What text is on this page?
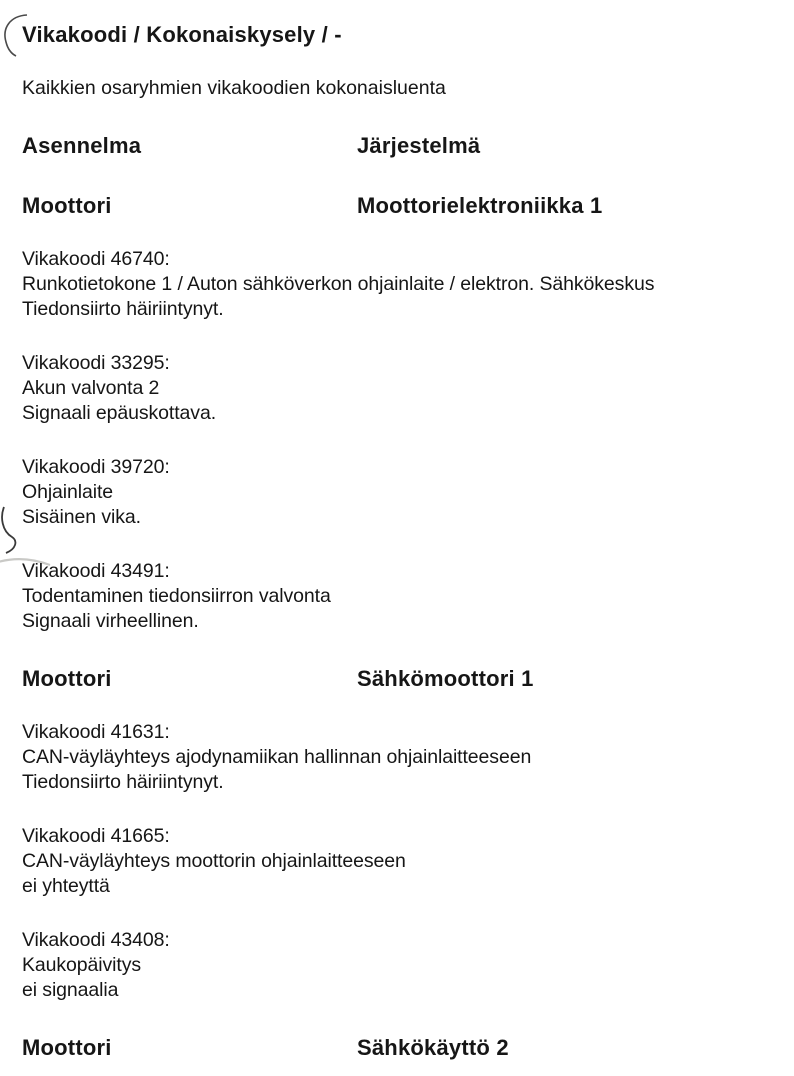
Vikakoodi / Kokonaiskysely / -
Kaikkien osaryhmien vikakoodien kokonaisluenta
Asennelma	Järjestelmä
Moottori	Moottorielektroniikka 1
Vikakoodi 46740:
Runkotietokone 1 / Auton sähköverkon ohjainlaite / elektron. Sähkökeskus
Tiedonsiirto häiriintynyt.
Vikakoodi 33295:
Akun valvonta 2
Signaali epäuskottava.
Vikakoodi 39720:
Ohjainlaite
Sisäinen vika.
Vikakoodi 43491:
Todentaminen tiedonsiirron valvonta
Signaali virheellinen.
Moottori	Sähkömoottori 1
Vikakoodi 41631:
CAN-väyläyhteys ajodynamiikan hallinnan ohjainlaitteeseen
Tiedonsiirto häiriintynyt.
Vikakoodi 41665:
CAN-väyläyhteys moottorin ohjainlaitteeseen
ei yhteyttä
Vikakoodi 43408:
Kaukopäivitys
ei signaalia
Moottori	Sähkökäyttö 2
